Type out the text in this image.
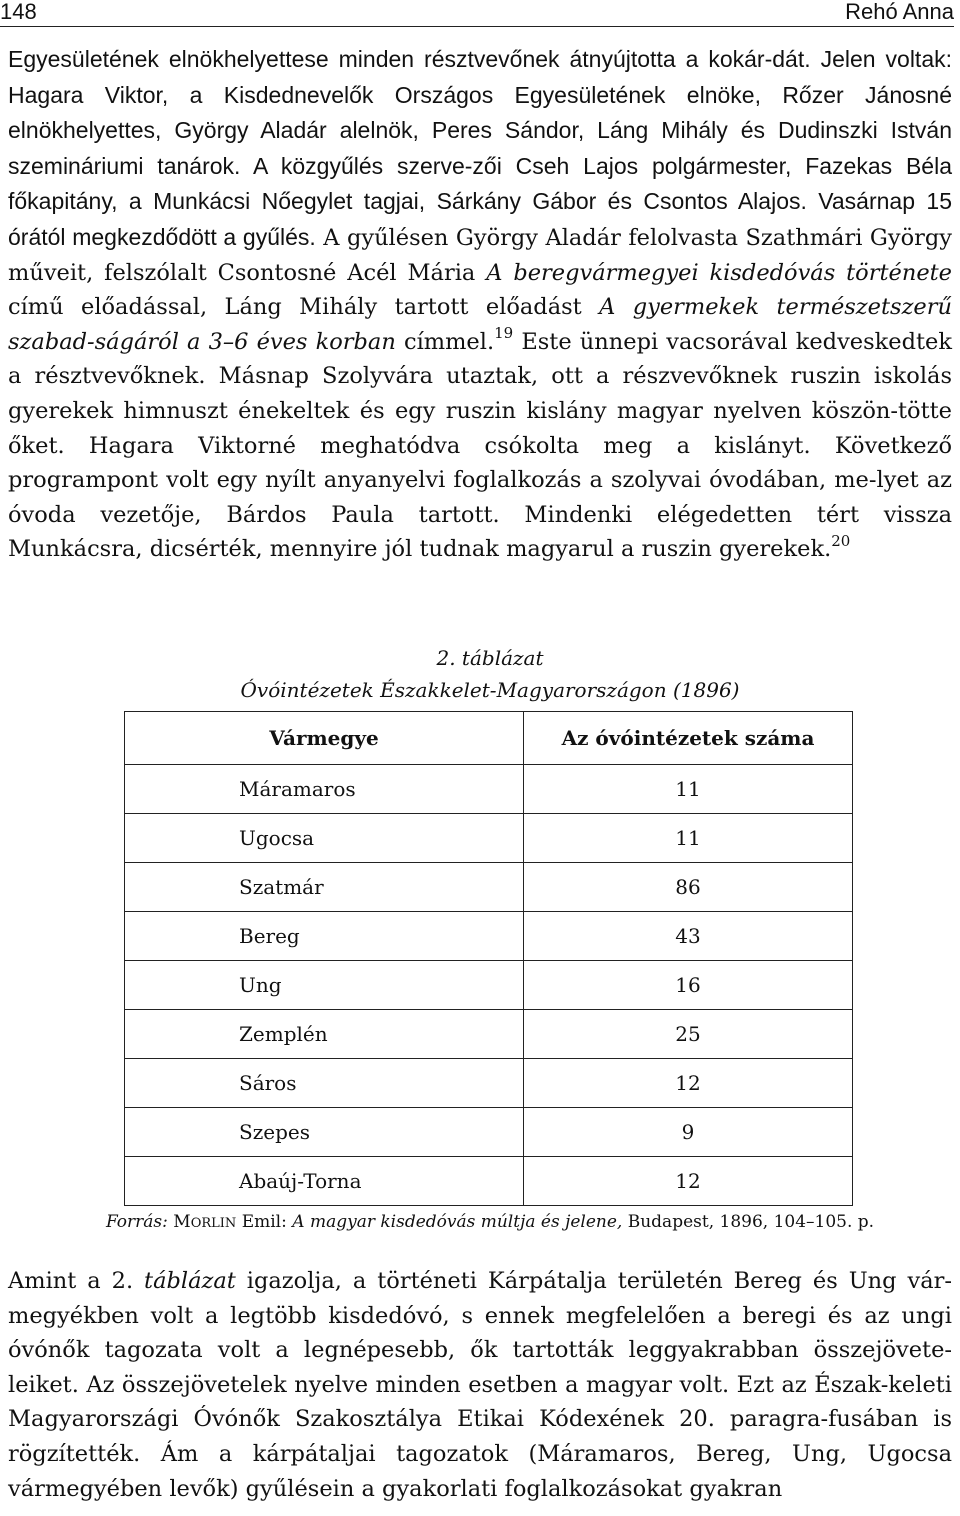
148	Rehó Anna
Egyesületének elnökhelyettese minden résztvevőnek átnyújtotta a kokár-dát. Jelen voltak: Hagara Viktor, a Kisdednevelők Országos Egyesületének elnöke, Rőzer Jánosné elnökhelyettes, György Aladár alelnök, Peres Sándor, Láng Mihály és Dudinszki István szemináriumi tanárok. A közgyűlés szerve-zői Cseh Lajos polgármester, Fazekas Béla főkapitány, a Munkácsi Nőegylet tagjai, Sárkány Gábor és Csontos Alajos. Vasárnap 15 órától megkezdődött a gyűlés. A gyűlésen György Aladár felolvasta Szathmári György műveit, felszólalt Csontosné Acél Mária A beregvármegyei kisdedóvás története című előadással, Láng Mihály tartott előadást A gyermekek természetszerű szabad-ságáról a 3–6 éves korban címmel.$^{19}$ Este ünnepi vacsorával kedveskedtek a résztvevőknek. Másnap Szolyvára utaztak, ott a részvevőknek ruszin iskolás gyerekek himnuszt énekeltek és egy ruszin kislány magyar nyelven köszön-tötte őket. Hagara Viktorné meghatódva csókolta meg a kislányt. Következő programpont volt egy nyílt anyanyelvi foglalkozás a szolyvai óvodában, me-lyet az óvoda vezetője, Bárdos Paula tartott. Mindenki elégedetten tért vissza Munkácsra, dicsérték, mennyire jól tudnak magyarul a ruszin gyerekek.$^{20}$
2. táblázat
Óvóintézetek Északkelet-Magyarországon (1896)
Vármegye	Az óvóintézetek száma
Máramaros	11
Ugocsa	11
Szatmár	86
Bereg	43
Ung	16
Zemplén	25
Sáros	12
Szepes	9
Abaúj-Torna	12
Forrás: MORLIN Emil: A magyar kisdedóvás múltja és jelene, Budapest, 1896, 104–105. p.
Amint a 2. táblázat igazolja, a történeti Kárpátalja területén Bereg és Ung vár-megyékben volt a legtöbb kisdedóvó, s ennek megfelelően a beregi és az ungi óvónők tagozata volt a legnépesebb, ők tartották leggyakrabban összejövete-leiket. Az összejövetelek nyelve minden esetben a magyar volt. Ezt az Észak-keleti Magyarországi Óvónők Szakosztálya Etikai Kódexének 20. paragra-fusában is rögzítették. Ám a kárpátaljai tagozatok (Máramaros, Bereg, Ung, Ugocsa vármegyében levők) gyűlésein a gyakorlati foglalkozásokat gyakran
